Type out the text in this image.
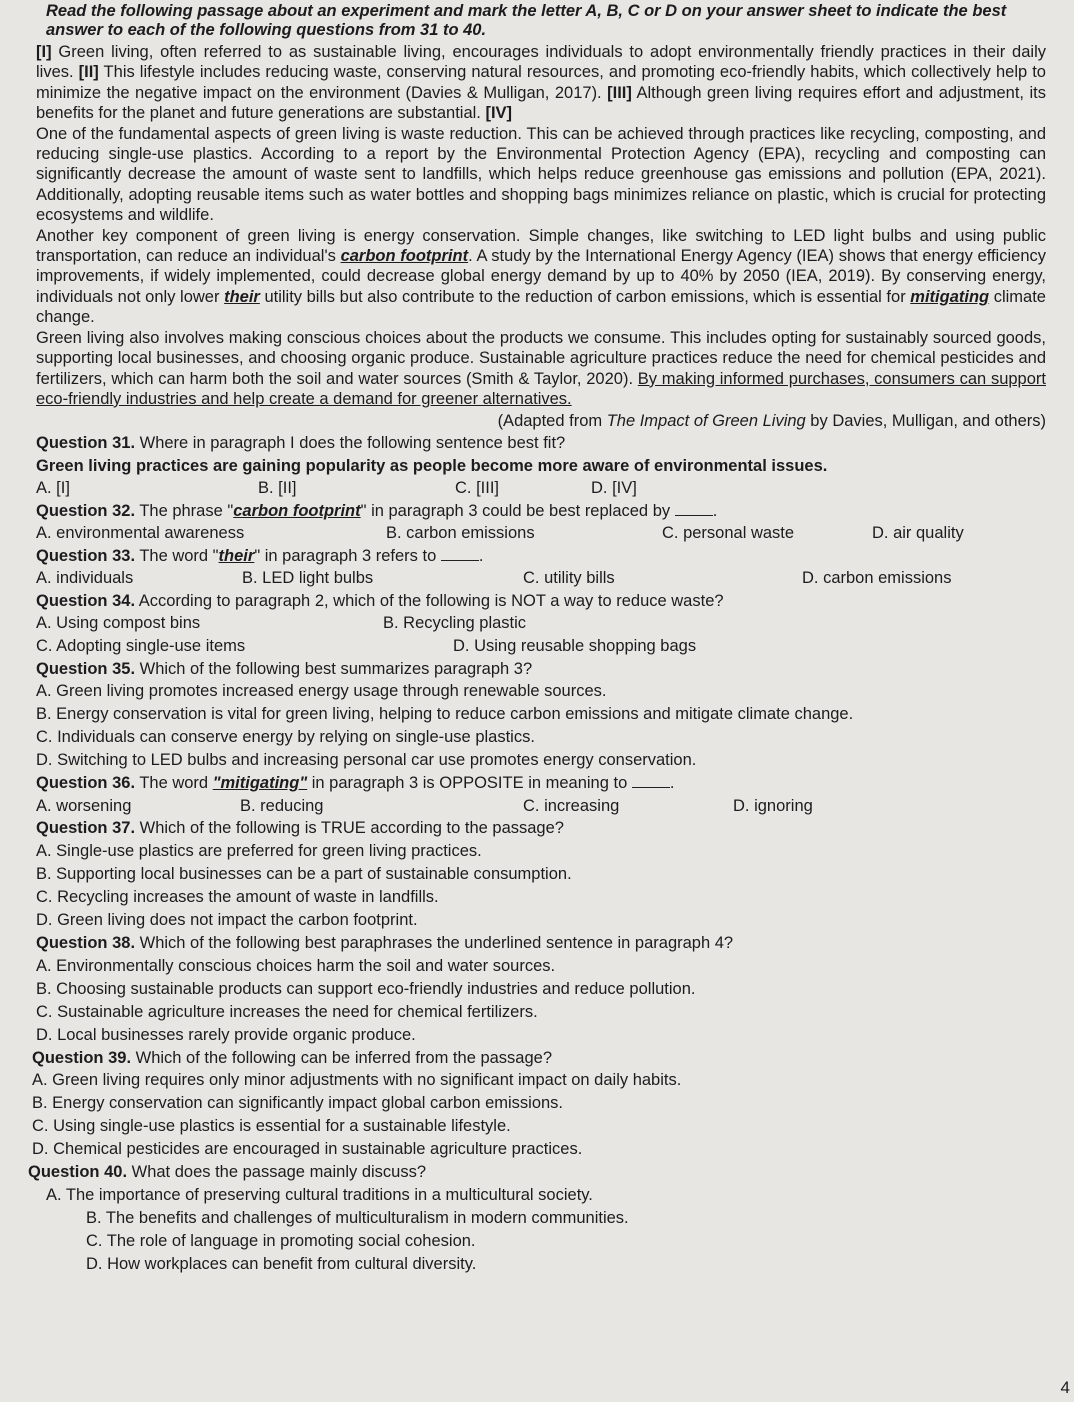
Read the following passage about an experiment and mark the letter A, B, C or D on your answer sheet to indicate the best answer to each of the following questions from 31 to 40.

[I] Green living, often referred to as sustainable living, encourages individuals to adopt environmentally friendly practices in their daily lives. [II] This lifestyle includes reducing waste, conserving natural resources, and promoting eco-friendly habits, which collectively help to minimize the negative impact on the environment (Davies & Mulligan, 2017). [III] Although green living requires effort and adjustment, its benefits for the planet and future generations are substantial. [IV]

One of the fundamental aspects of green living is waste reduction. This can be achieved through practices like recycling, composting, and reducing single-use plastics. According to a report by the Environmental Protection Agency (EPA), recycling and composting can significantly decrease the amount of waste sent to landfills, which helps reduce greenhouse gas emissions and pollution (EPA, 2021). Additionally, adopting reusable items such as water bottles and shopping bags minimizes reliance on plastic, which is crucial for protecting ecosystems and wildlife.

Another key component of green living is energy conservation. Simple changes, like switching to LED light bulbs and using public transportation, can reduce an individual's carbon footprint. A study by the International Energy Agency (IEA) shows that energy efficiency improvements, if widely implemented, could decrease global energy demand by up to 40% by 2050 (IEA, 2019). By conserving energy, individuals not only lower their utility bills but also contribute to the reduction of carbon emissions, which is essential for mitigating climate change.

Green living also involves making conscious choices about the products we consume. This includes opting for sustainably sourced goods, supporting local businesses, and choosing organic produce. Sustainable agriculture practices reduce the need for chemical pesticides and fertilizers, which can harm both the soil and water sources (Smith & Taylor, 2020). By making informed purchases, consumers can support eco-friendly industries and help create a demand for greener alternatives.

(Adapted from The Impact of Green Living by Davies, Mulligan, and others)

Question 31. Where in paragraph I does the following sentence best fit?

Green living practices are gaining popularity as people become more aware of environmental issues.

A. [I]	B. [II]	C. [III]	D. [IV]

Question 32. The phrase "carbon footprint" in paragraph 3 could be best replaced by	.

A. environmental awareness	B. carbon emissions	C. personal waste	D. air quality

Question 33. The word "their" in paragraph 3 refers to	.

A. individuals	B. LED light bulbs	C. utility bills	D. carbon emissions

Question 34. According to paragraph 2, which of the following is NOT a way to reduce waste?

A. Using compost bins	B. Recycling plastic
C. Adopting single-use items	D. Using reusable shopping bags

Question 35. Which of the following best summarizes paragraph 3?

A. Green living promotes increased energy usage through renewable sources.

B. Energy conservation is vital for green living, helping to reduce carbon emissions and mitigate climate change.

C. Individuals can conserve energy by relying on single-use plastics.

D. Switching to LED bulbs and increasing personal car use promotes energy conservation.

Question 36. The word "mitigating" in paragraph 3 is OPPOSITE in meaning to	.

A. worsening	B. reducing	C. increasing	D. ignoring

Question 37. Which of the following is TRUE according to the passage?

A. Single-use plastics are preferred for green living practices.

B. Supporting local businesses can be a part of sustainable consumption.

C. Recycling increases the amount of waste in landfills.

D. Green living does not impact the carbon footprint.

Question 38. Which of the following best paraphrases the underlined sentence in paragraph 4?

A. Environmentally conscious choices harm the soil and water sources.

B. Choosing sustainable products can support eco-friendly industries and reduce pollution.

C. Sustainable agriculture increases the need for chemical fertilizers.

D. Local businesses rarely provide organic produce.

Question 39. Which of the following can be inferred from the passage?

A. Green living requires only minor adjustments with no significant impact on daily habits.

B. Energy conservation can significantly impact global carbon emissions.

C. Using single-use plastics is essential for a sustainable lifestyle.

D. Chemical pesticides are encouraged in sustainable agriculture practices.

Question 40. What does the passage mainly discuss?

A. The importance of preserving cultural traditions in a multicultural society.

B. The benefits and challenges of multiculturalism in modern communities.

C. The role of language in promoting social cohesion.

D. How workplaces can benefit from cultural diversity.

4
